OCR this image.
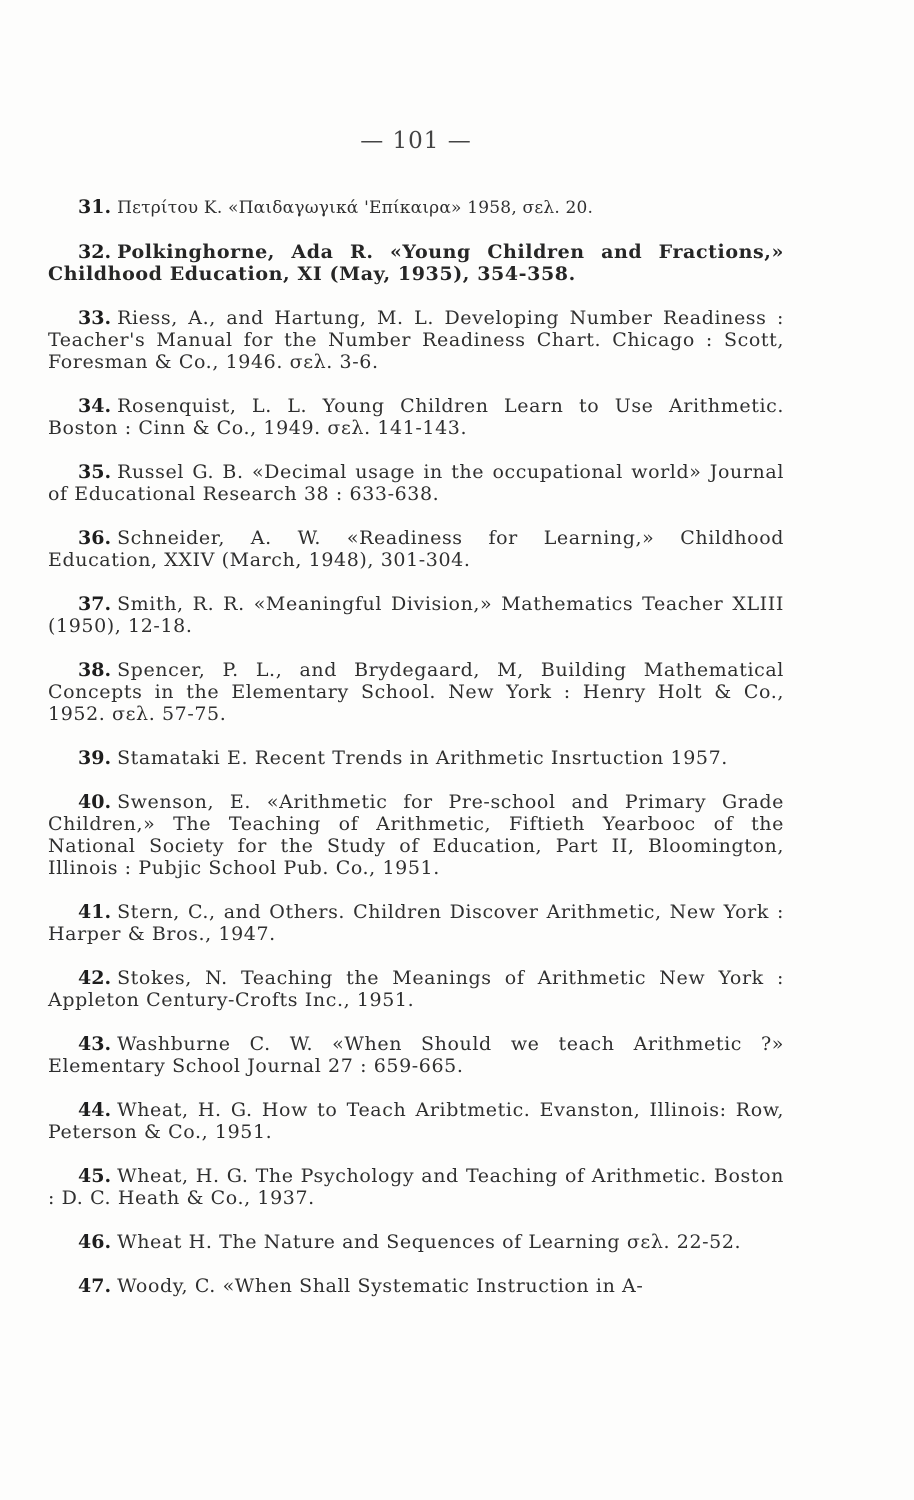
— 101 —

31. Πετρίτου Κ. «Παιδαγωγικά 'Επίκαιρα» 1958, σελ. 20.

32. Polkinghorne, Ada R. «Young Children and Fractions,» Childhood Education, XI (May, 1935), 354-358.

33. Riess, A., and Hartung, M. L. Developing Number Readiness : Teacher's Manual for the Number Readiness Chart. Chicago : Scott, Foresman & Co., 1946. σελ. 3-6.

34. Rosenquist, L. L. Young Children Learn to Use Arithmetic. Boston : Cinn & Co., 1949. σελ. 141-143.

35. Russel G. B. «Decimal usage in the occupational world» Journal of Educational Research 38 : 633-638.

36. Schneider, A. W. «Readiness for Learning,» Childhood Education, XXIV (March, 1948), 301-304.

37. Smith, R. R. «Meaningful Division,» Mathematics Teacher XLIII (1950), 12-18.

38. Spencer, P. L., and Brydegaard, M, Building Mathematical Concepts in the Elementary School. New York : Henry Holt & Co., 1952. σελ. 57-75.

39. Stamataki E. Recent Trends in Arithmetic Insrtuction 1957.

40. Swenson, E. «Arithmetic for Pre-school and Primary Grade Children,» The Teaching of Arithmetic, Fiftieth Yearbooc of the National Society for the Study of Education, Part II, Bloomington, Illinois : Pubjic School Pub. Co., 1951.

41. Stern, C., and Others. Children Discover Arithmetic, New York : Harper & Bros., 1947.

42. Stokes, N. Teaching the Meanings of Arithmetic New York : Appleton Century-Crofts Inc., 1951.

43. Washburne C. W. «When Should we teach Arithmetic ?» Elementary School Journal 27 : 659-665.

44. Wheat, H. G. How to Teach Aribtmetic. Evanston, Illinois: Row, Peterson & Co., 1951.

45. Wheat, H. G. The Psychology and Teaching of Arithmetic. Boston : D. C. Heath & Co., 1937.

46. Wheat H. The Nature and Sequences of Learning σελ. 22-52.

47. Woody, C. «When Shall Systematic Instruction in A-
